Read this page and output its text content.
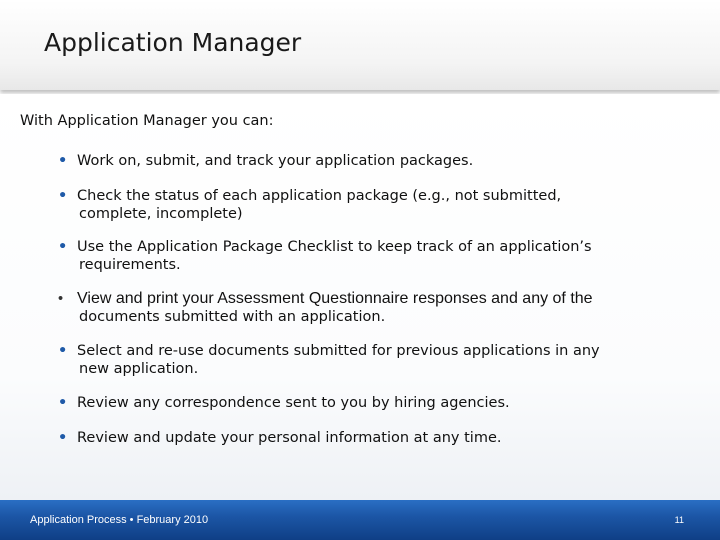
Application Manager
With Application Manager you can:
• Work on, submit, and track your application packages.
• Check the status of each application package (e.g., not submitted,
complete, incomplete)
• Use the Application Package Checklist to keep track of an application’s
requirements.
• View and print your Assessment Questionnaire responses and any of the
documents submitted with an application.
• Select and re-use documents submitted for previous applications in any
new application.
• Review any correspondence sent to you by hiring agencies.
• Review and update your personal information at any time.
Application Process • February 2010	11
